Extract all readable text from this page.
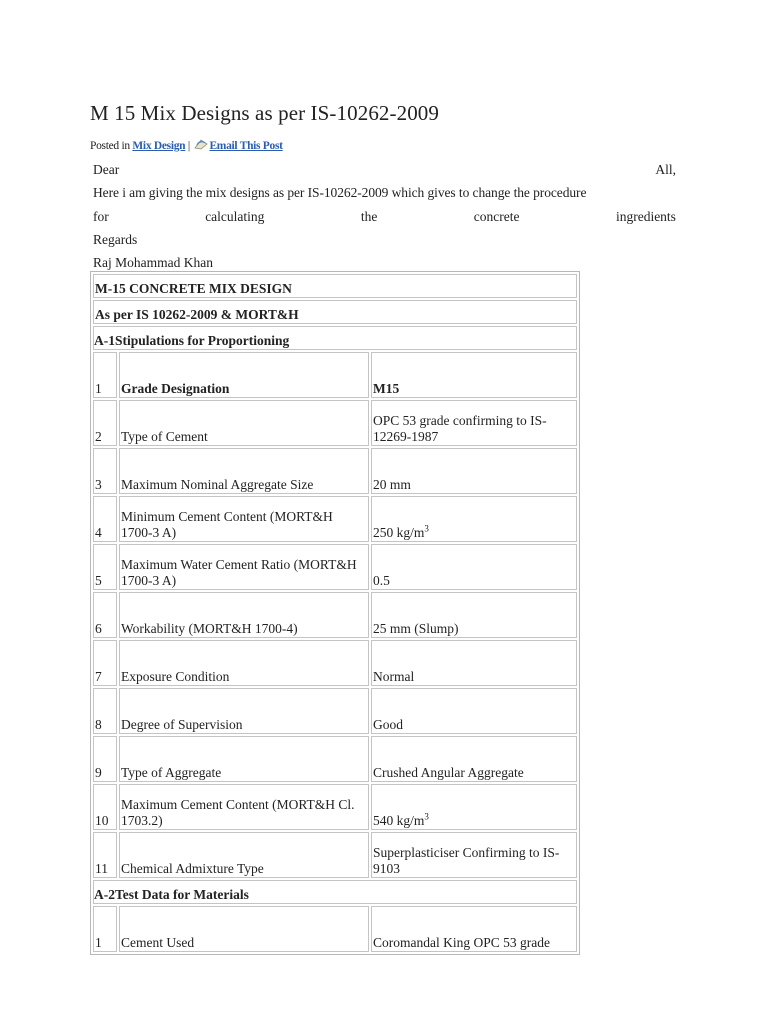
M 15 Mix Designs as per IS-10262-2009
Posted in Mix Design | Email This Post
Dear	All,
Here i am giving the mix designs as per IS-10262-2009 which gives to change the procedure
for	calculating	the	concrete	ingredients
Regards
Raj Mohammad Khan
M-15 CONCRETE MIX DESIGN		
As per IS 10262-2009 & MORT&H		
A-1Stipulations for Proportioning		
1	Grade Designation	M15
2	Type of Cement	OPC 53 grade confirming to IS-12269-1987
3	Maximum Nominal Aggregate Size	20 mm
4	Minimum Cement Content (MORT&H 1700-3 A)	250 $kg/m^3$
5	Maximum Water Cement Ratio (MORT&H 1700-3 A)	0.5
6	Workability (MORT&H 1700-4)	25 mm (Slump)
7	Exposure Condition	Normal
8	Degree of Supervision	Good
9	Type of Aggregate	Crushed Angular Aggregate
10	Maximum Cement Content (MORT&H Cl. 1703.2)	540 $kg/m^3$
11	Chemical Admixture Type	Superplasticiser Confirming to IS-9103
A-2Test Data for Materials		
1	Cement Used	Coromandal King OPC 53 grade
